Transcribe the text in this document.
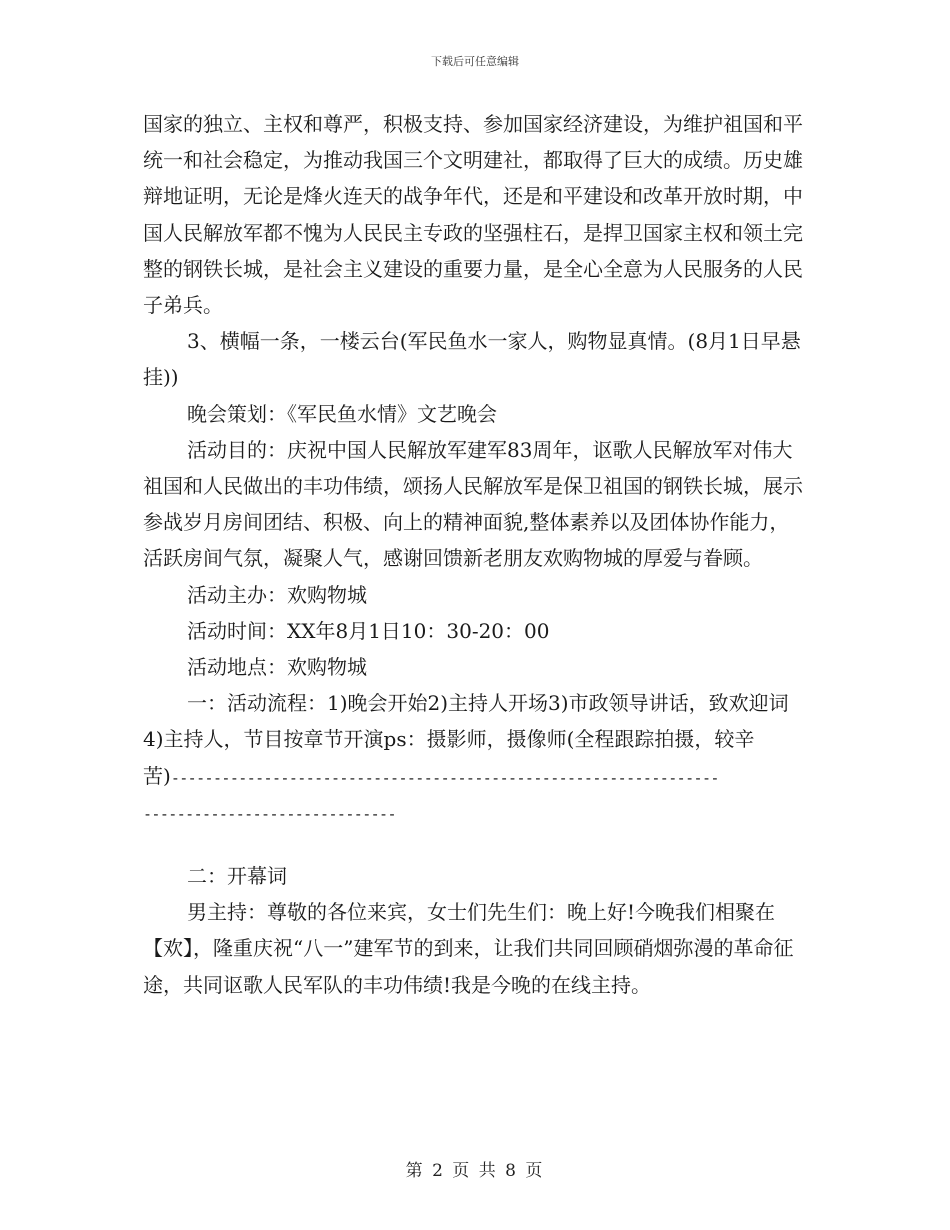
下载后可任意编辑

国家的独立、主权和尊严，积极支持、参加国家经济建设，为维护祖国和平统一和社会稳定，为推动我国三个文明建社，都取得了巨大的成绩。历史雄辩地证明，无论是烽火连天的战争年代，还是和平建设和改革开放时期，中国人民解放军都不愧为人民民主专政的坚强柱石，是捍卫国家主权和领土完整的钢铁长城，是社会主义建设的重要力量，是全心全意为人民服务的人民子弟兵。

3、横幅一条，一楼云台(军民鱼水一家人，购物显真情。(8月1日早悬挂))

晚会策划：《军民鱼水情》文艺晚会

活动目的：庆祝中国人民解放军建军83周年，讴歌人民解放军对伟大祖国和人民做出的丰功伟绩，颂扬人民解放军是保卫祖国的钢铁长城，展示参战岁月房间团结、积极、向上的精神面貌,整体素养以及团体协作能力，活跃房间气氛，凝聚人气，感谢回馈新老朋友欢购物城的厚爱与眷顾。

活动主办：欢购物城

活动时间：XX年8月1日10：30-20：00

活动地点：欢购物城

一：活动流程：1)晚会开始2)主持人开场3)市政领导讲话，致欢迎词4)主持人，节目按章节开演ps：摄影师，摄像师(全程跟踪拍摄，较辛

苦)-----------------------------------------------------------------

------------------------------

二：开幕词

男主持：尊敬的各位来宾，女士们先生们：晚上好!今晚我们相聚在【欢】，隆重庆祝“八一”建军节的到来，让我们共同回顾硝烟弥漫的革命征途，共同讴歌人民军队的丰功伟绩!我是今晚的在线主持。

第 2 页 共 8 页
